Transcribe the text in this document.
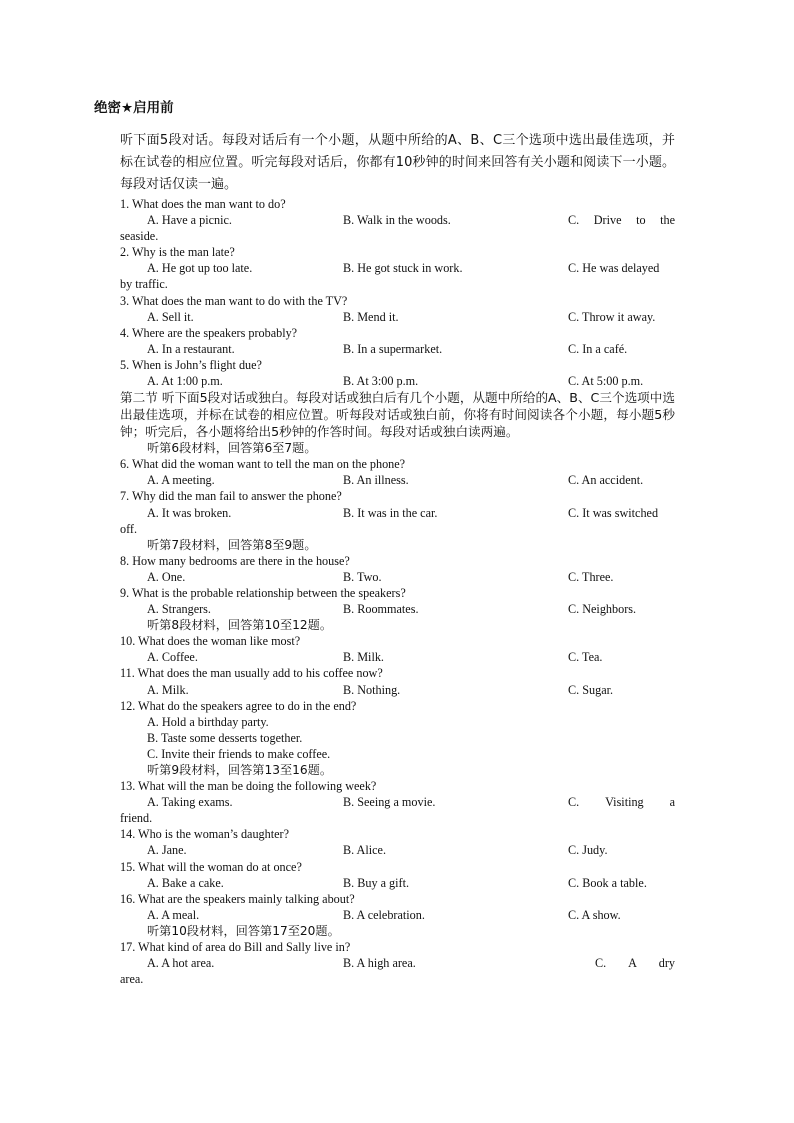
绝密★启用前
听下面5段对话。每段对话后有一个小题，从题中所给的A、B、C三个选项中选出最佳选项，并标在试卷的相应位置。听完每段对话后，你都有10秒钟的时间来回答有关小题和阅读下一小题。每段对话仅读一遍。
1. What does the man want to do?
A. Have a picnic.	B. Walk in the woods.	C. Drive to the
seaside.
2. Why is the man late?
A. He got up too late.	B. He got stuck in work.	C. He was delayed
by traffic.
3. What does the man want to do with the TV?
A. Sell it.	B. Mend it.	C. Throw it away.
4. Where are the speakers probably?
A. In a restaurant.	B. In a supermarket.	C. In a café.
5. When is John’s flight due?
A. At 1:00 p.m.	B. At 3:00 p.m.	C. At 5:00 p.m.
第二节 听下面5段对话或独白。每段对话或独白后有几个小题，从题中所给的A、B、C三个选项中选出最佳选项，并标在试卷的相应位置。听每段对话或独白前，你将有时间阅读各个小题，每小题5秒钟；听完后，各小题将给出5秒钟的作答时间。每段对话或独白读两遍。
听第6段材料，回答第6至7题。
6. What did the woman want to tell the man on the phone?
A. A meeting.	B. An illness.	C. An accident.
7. Why did the man fail to answer the phone?
A. It was broken.	B. It was in the car.	C. It was switched
off.
听第7段材料，回答第8至9题。
8. How many bedrooms are there in the house?
A. One.	B. Two.	C. Three.
9. What is the probable relationship between the speakers?
A. Strangers.	B. Roommates.	C. Neighbors.
听第8段材料，回答第10至12题。
10. What does the woman like most?
A. Coffee.	B. Milk.	C. Tea.
11. What does the man usually add to his coffee now?
A. Milk.	B. Nothing.	C. Sugar.
12. What do the speakers agree to do in the end?
A. Hold a birthday party.
B. Taste some desserts together.
C. Invite their friends to make coffee.
听第9段材料，回答第13至16题。
13. What will the man be doing the following week?
A. Taking exams.	B. Seeing a movie.	C. Visiting a
friend.
14. Who is the woman’s daughter?
A. Jane.	B. Alice.	C. Judy.
15. What will the woman do at once?
A. Bake a cake.	B. Buy a gift.	C. Book a table.
16. What are the speakers mainly talking about?
A. A meal.	B. A celebration.	C. A show.
听第10段材料，回答第17至20题。
17. What kind of area do Bill and Sally live in?
A. A hot area.	B. A high area.	C. A dry
area.
